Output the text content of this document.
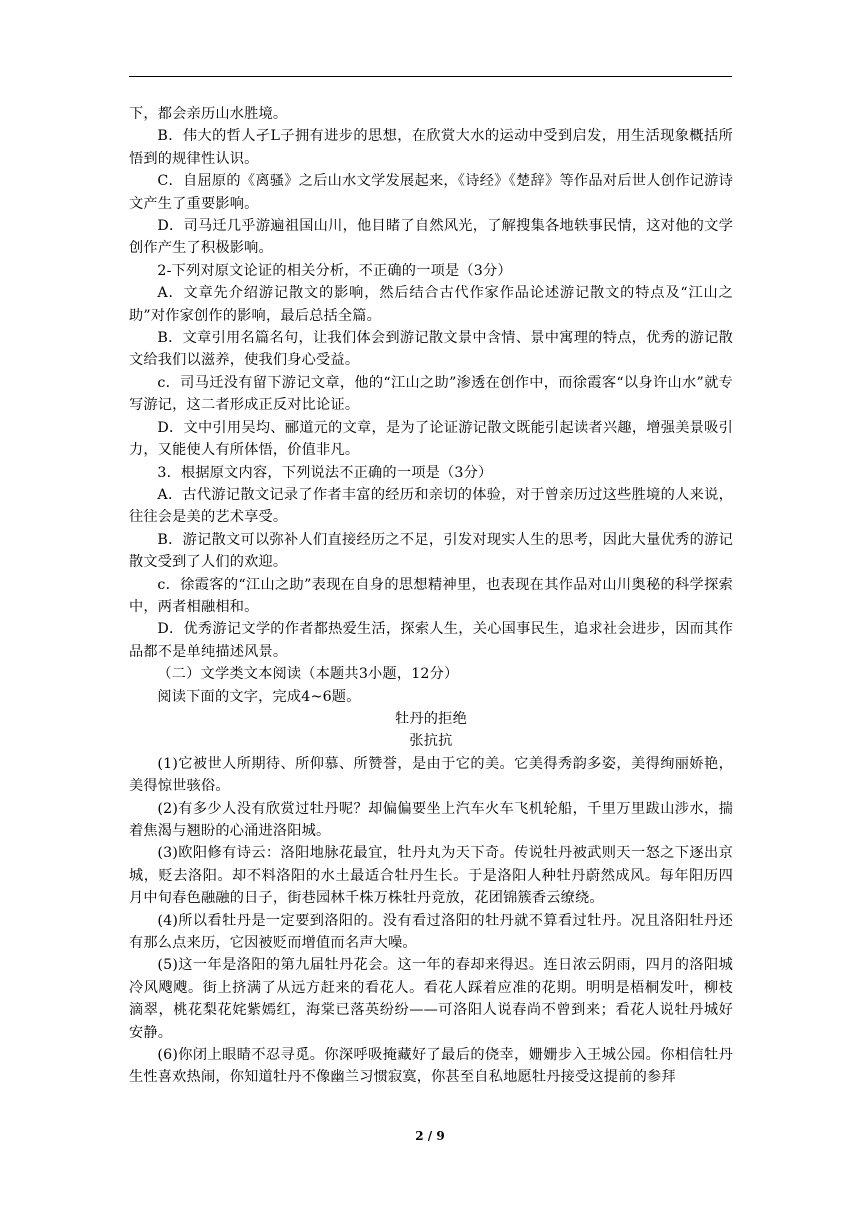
下，都会亲历山水胜境。

B．伟大的哲人孑L子拥有进步的思想，在欣赏大水的运动中受到启发，用生活现象概括所悟到的规律性认识。

C．自屈原的《离骚》之后山水文学发展起来，《诗经》《楚辞》等作品对后世人创作记游诗文产生了重要影响。

D．司马迁几乎游遍祖国山川，他目睹了自然风光，了解搜集各地轶事民情，这对他的文学创作产生了积极影响。

2-下列对原文论证的相关分析，不正确的一项是（3分）

A．文章先介绍游记散文的影响，然后结合古代作家作品论述游记散文的特点及“江山之助”对作家创作的影响，最后总括全篇。

B．文章引用名篇名句，让我们体会到游记散文景中含情、景中寓理的特点，优秀的游记散文给我们以滋养，使我们身心受益。

c．司马迁没有留下游记文章，他的“江山之助”渗透在创作中，而徐霞客“以身许山水”就专写游记，这二者形成正反对比论证。

D．文中引用吴均、郦道元的文章，是为了论证游记散文既能引起读者兴趣，增强美景吸引力，又能使人有所体悟，价值非凡。

3．根据原文内容，下列说法不正确的一项是（3分）

A．古代游记散文记录了作者丰富的经历和亲切的体验，对于曾亲历过这些胜境的人来说，往往会是美的艺术享受。

B．游记散文可以弥补人们直接经历之不足，引发对现实人生的思考，因此大量优秀的游记散文受到了人们的欢迎。

c．徐霞客的“江山之助”表现在自身的思想精神里，也表现在其作品对山川奥秘的科学探索中，两者相融相和。

D．优秀游记文学的作者都热爱生活，探索人生，关心国事民生，追求社会进步，因而其作品都不是单纯描述风景。

（二）文学类文本阅读（本题共3小题，12分）

阅读下面的文字，完成4~6题。

牡丹的拒绝

张抗抗

(1)它被世人所期待、所仰慕、所赞誉，是由于它的美。它美得秀韵多姿，美得绚丽娇艳，美得惊世骇俗。

(2)有多少人没有欣赏过牡丹呢？却偏偏要坐上汽车火车飞机轮船，千里万里跋山涉水，揣着焦渴与翘盼的心涌进洛阳城。

(3)欧阳修有诗云：洛阳地脉花最宜，牡丹丸为天下奇。传说牡丹被武则天一怒之下逐出京城，贬去洛阳。却不料洛阳的水土最适合牡丹生长。于是洛阳人种牡丹蔚然成风。每年阳历四月中旬春色融融的日子，街巷园林千株万株牡丹竞放，花团锦簇香云缭绕。

(4)所以看牡丹是一定要到洛阳的。没有看过洛阳的牡丹就不算看过牡丹。况且洛阳牡丹还有那么点来历，它因被贬而增值而名声大噪。

(5)这一年是洛阳的第九届牡丹花会。这一年的春却来得迟。连日浓云阴雨，四月的洛阳城冷风飕飕。街上挤满了从远方赶来的看花人。看花人踩着应准的花期。明明是梧桐发叶，柳枝滴翠，桃花梨花姹紫嫣红，海棠已落英纷纷——可洛阳人说春尚不曾到来；看花人说牡丹城好安静。

(6)你闭上眼睛不忍寻觅。你深呼吸掩藏好了最后的侥幸，姗姗步入王城公园。你相信牡丹生性喜欢热闹，你知道牡丹不像幽兰习惯寂寞，你甚至自私地愿牡丹接受这提前的参拜

2 / 9
